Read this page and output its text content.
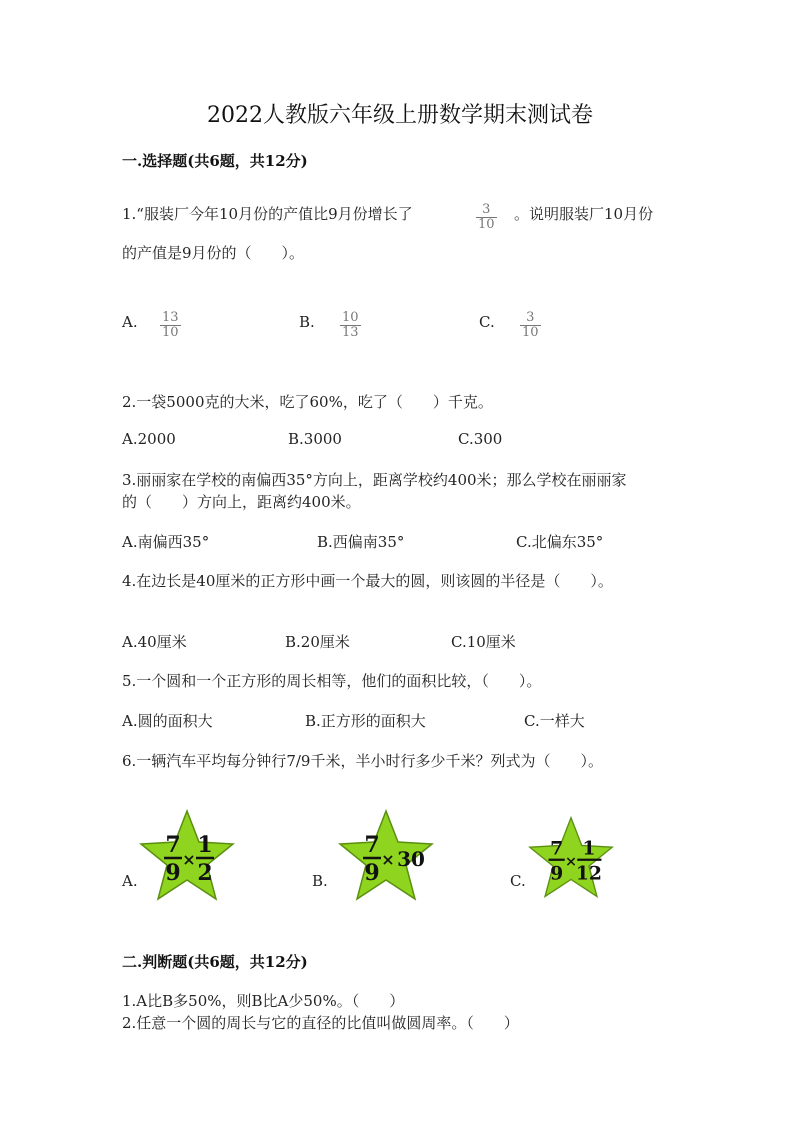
2022人教版六年级上册数学期末测试卷
一.选择题(共6题，共12分)
1.“服装厂今年10月份的产值比9月份增长了	$\frac{3}{10}$ 。说明服装厂10月份
的产值是9月份的（　　）。
A. $\frac{13}{10}$	B. $\frac{10}{13}$	C. $\frac{3}{10}$
2.一袋5000克的大米，吃了60%，吃了（　　）千克。
A.2000	B.3000	C.300
3.丽丽家在学校的南偏西35°方向上，距离学校约400米；那么学校在丽丽家
的（　　）方向上，距离约400米。
A.南偏西35°	B.西偏南35°	C.北偏东35°
4.在边长是40厘米的正方形中画一个最大的圆，则该圆的半径是（　　）。
A.40厘米	B.20厘米	C.10厘米
5.一个圆和一个正方形的周长相等，他们的面积比较，（　　）。
A.圆的面积大	B.正方形的面积大	C.一样大
6.一辆汽车平均每分钟行7/9千米，半小时行多少千米？列式为（　　）。
A.
7
9
×
1
2	B.
7
9
× 30
C.
7
9
×
1
12
二.判断题(共6题，共12分)
1.A比B多50%，则B比A少50%。（　　）
2.任意一个圆的周长与它的直径的比值叫做圆周率。（　　）
